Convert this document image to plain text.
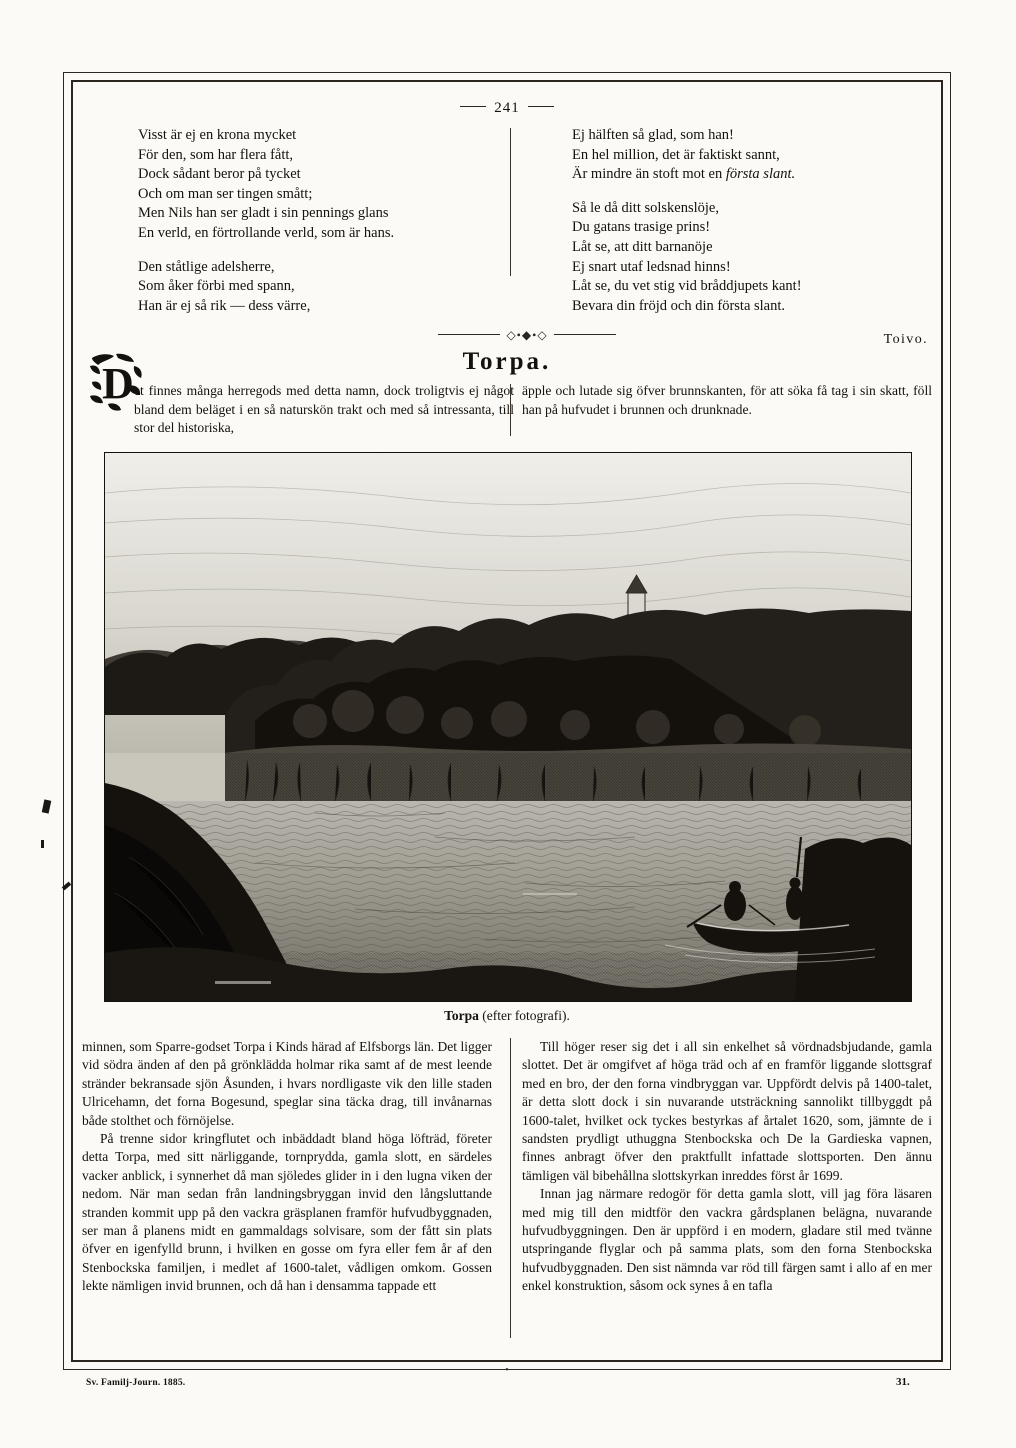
241
Visst är ej en krona mycket
För den, som har flera fått,
Dock sådant beror på tycket
Och om man ser tingen smått;
Men Nils han ser gladt i sin pennings glans
En verld, en förtrollande verld, som är hans.
Den ståtlige adelsherre,
Som åker förbi med spann,
Han är ej så rik — dess värre,
Ej hälften så glad, som han!
En hel million, det är faktiskt sannt,
Är mindre än stoft mot en första slant.
Så le då ditt solskenslöje,
Du gatans trasige prins!
Låt se, att ditt barnanöje
Ej snart utaf ledsnad hinns!
Låt se, du vet stig vid bråddjupets kant!
Bevara din fröjd och din första slant.
Toivo.
◇•◆•◇
Torpa.
D et finnes många herregods med detta namn, dock troligtvis ej något bland dem beläget i en så naturskön trakt och med så intressanta, till stor del historiska,
äpple och lutade sig öfver brunnskanten, för att söka få tag i sin skatt, föll han på hufvudet i brunnen och drunknade.
Torpa (efter fotografi).

minnen, som Sparre-godset Torpa i Kinds härad af Elfsborgs län. Det ligger vid södra änden af den på grönklädda holmar rika samt af de mest leende stränder bekransade sjön Åsunden, i hvars nordligaste vik den lille staden Ulricehamn, det forna Bogesund, speglar sina täcka drag, till invånarnas både stolthet och förnöjelse.

På trenne sidor kringflutet och inbäddadt bland höga löfträd, företer detta Torpa, med sitt närliggande, tornprydda, gamla slott, en särdeles vacker anblick, i synnerhet då man sjöledes glider in i den lugna viken der nedom. När man sedan från landningsbryggan invid den långsluttande stranden kommit upp på den vackra gräsplanen framför hufvudbyggnaden, ser man å planens midt en gammaldags solvisare, som der fått sin plats öfver en igenfylld brunn, i hvilken en gosse om fyra eller fem år af den Stenbockska familjen, i medlet af 1600-talet, vådligen omkom. Gossen lekte nämligen invid brunnen, och då han i densamma tappade ett

Till höger reser sig det i all sin enkelhet så vördnadsbjudande, gamla slottet. Det är omgifvet af höga träd och af en framför liggande slottsgraf med en bro, der den forna vindbryggan var. Uppfördt delvis på 1400-talet, är detta slott dock i sin nuvarande utsträckning sannolikt tillbyggdt på 1600-talet, hvilket ock tyckes bestyrkas af årtalet 1620, som, jämnte de i sandsten prydligt uthuggna Stenbockska och De la Gardieska vapnen, finnes anbragt öfver den praktfullt infattade slottsporten. Den ännu tämligen väl bibehållna slottskyrkan inreddes först år 1699.

Innan jag närmare redogör för detta gamla slott, vill jag föra läsaren med mig till den midtför den vackra gårdsplanen belägna, nuvarande hufvudbyggningen. Den är uppförd i en modern, gladare stil med tvänne utspringande flyglar och på samma plats, som den forna Stenbockska hufvudbyggnaden. Den sist nämnda var röd till färgen samt i allo af en mer enkel konstruktion, såsom ock synes å en tafla

Sv. Familj-Journ. 1885.	31.
•
